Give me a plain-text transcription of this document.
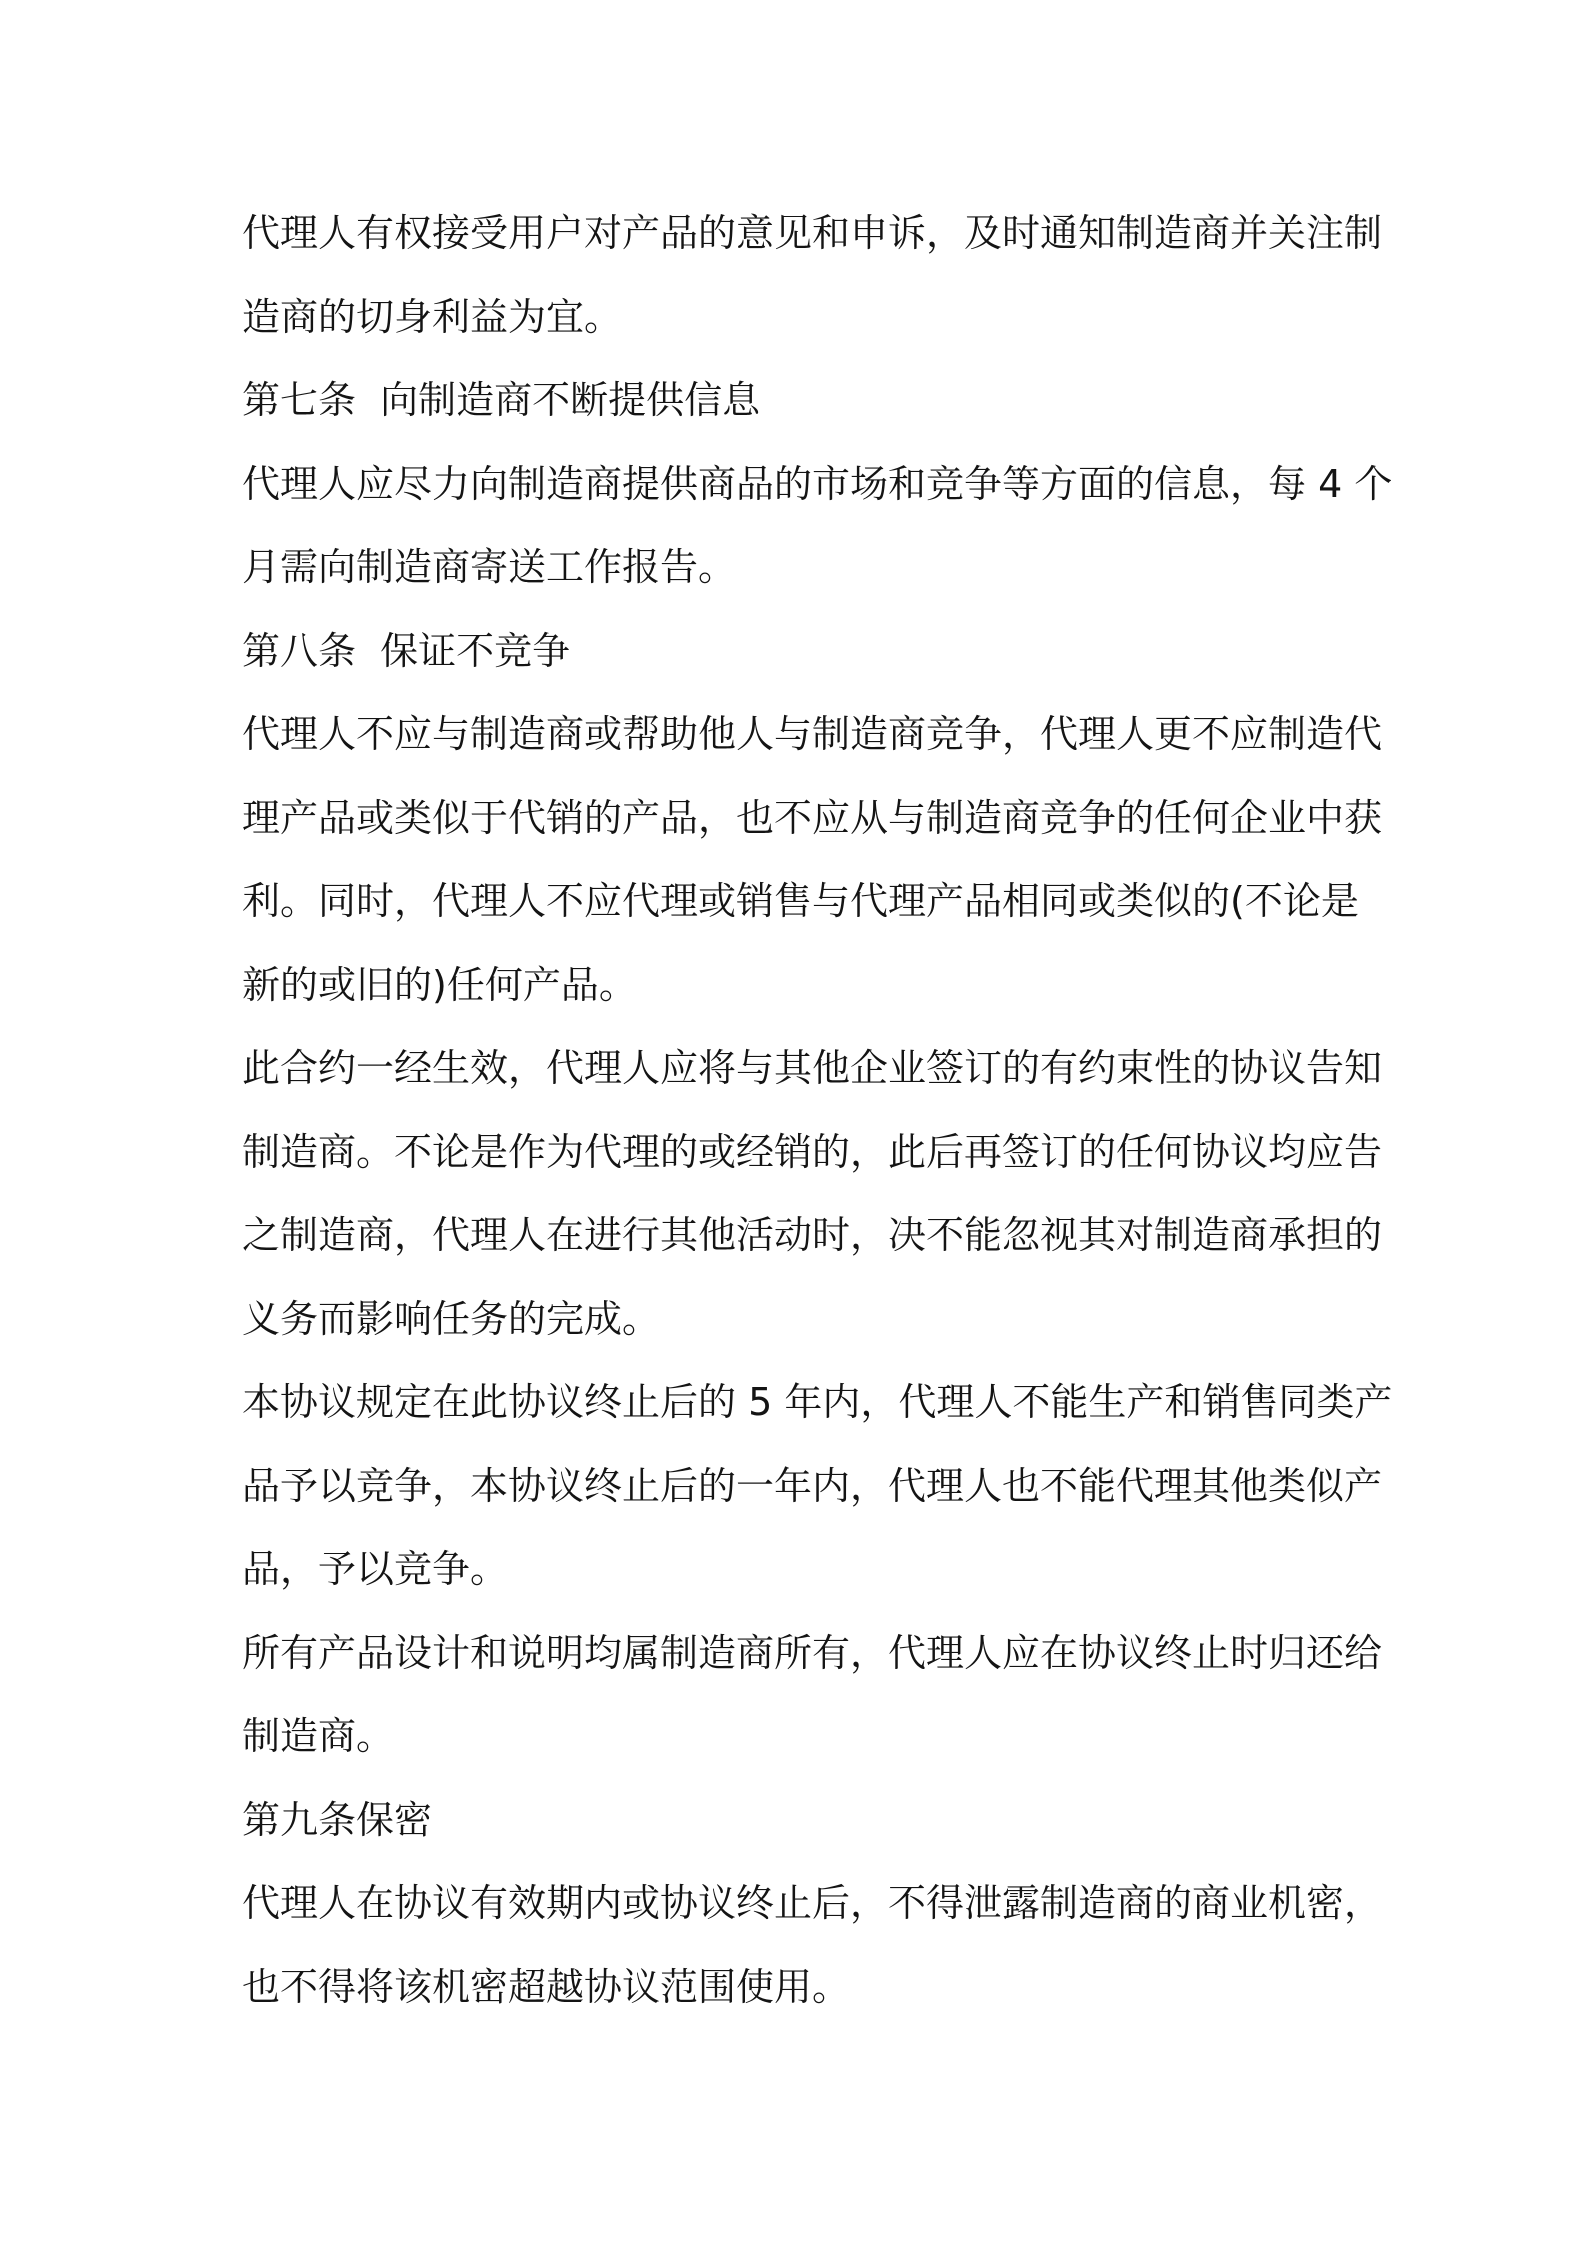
代理人有权接受用户对产品的意见和申诉，及时通知制造商并关注制
造商的切身利益为宜。
第七条  向制造商不断提供信息
代理人应尽力向制造商提供商品的市场和竞争等方面的信息，每 4 个
月需向制造商寄送工作报告。
第八条  保证不竞争
代理人不应与制造商或帮助他人与制造商竞争，代理人更不应制造代
理产品或类似于代销的产品，也不应从与制造商竞争的任何企业中获
利。同时，代理人不应代理或销售与代理产品相同或类似的(不论是
新的或旧的)任何产品。
此合约一经生效，代理人应将与其他企业签订的有约束性的协议告知
制造商。不论是作为代理的或经销的，此后再签订的任何协议均应告
之制造商，代理人在进行其他活动时，决不能忽视其对制造商承担的
义务而影响任务的完成。
本协议规定在此协议终止后的 5 年内，代理人不能生产和销售同类产
品予以竞争，本协议终止后的一年内，代理人也不能代理其他类似产
品，予以竞争。
所有产品设计和说明均属制造商所有，代理人应在协议终止时归还给
制造商。
第九条保密
代理人在协议有效期内或协议终止后，不得泄露制造商的商业机密，
也不得将该机密超越协议范围使用。
